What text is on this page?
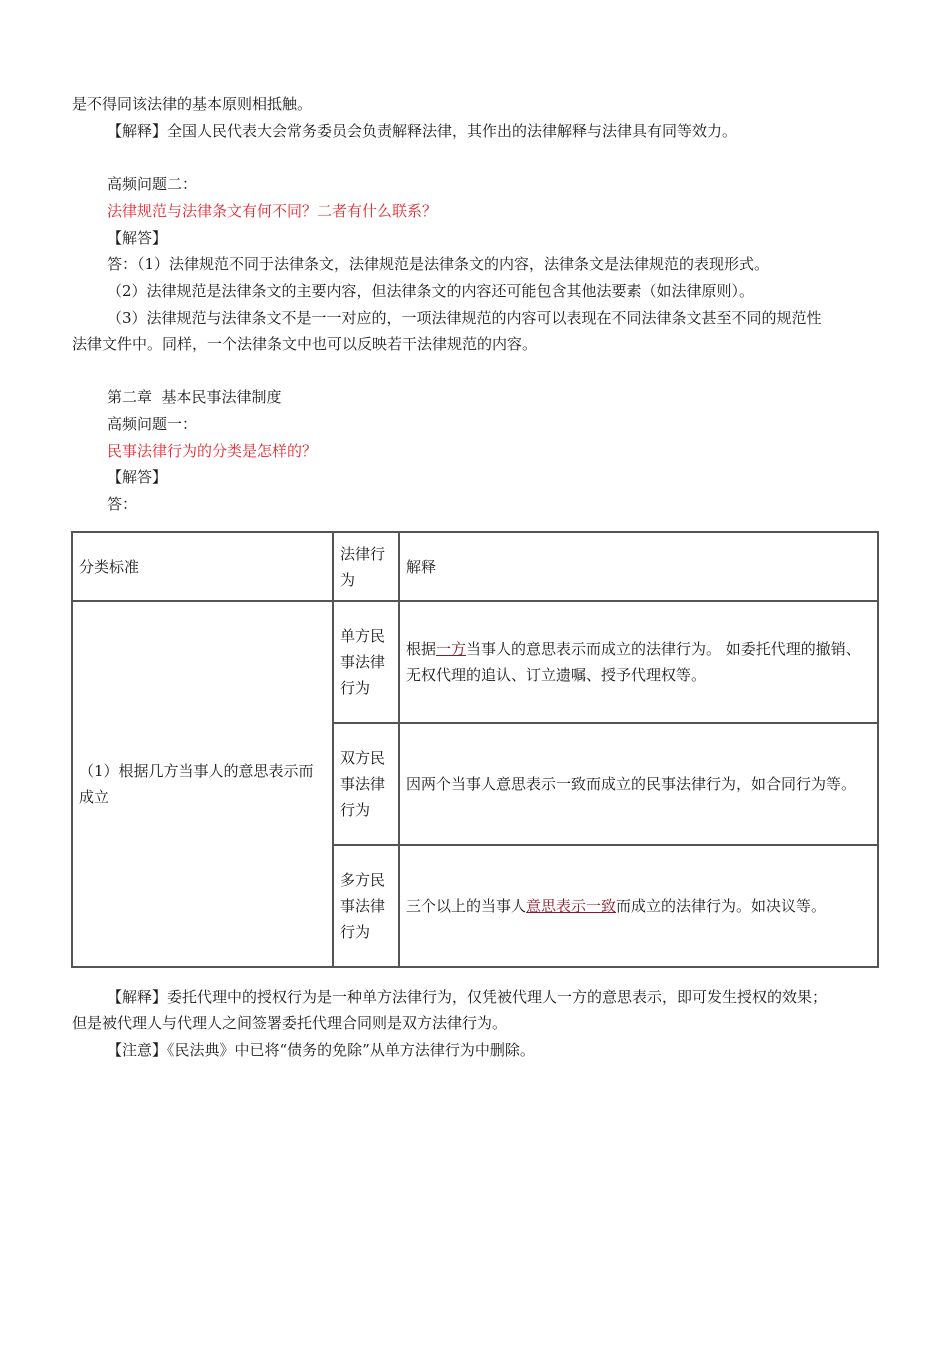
是不得同该法律的基本原则相抵触。
【解释】全国人民代表大会常务委员会负责解释法律，其作出的法律解释与法律具有同等效力。
高频问题二：
法律规范与法律条文有何不同？二者有什么联系？
【解答】
答：（1）法律规范不同于法律条文，法律规范是法律条文的内容，法律条文是法律规范的表现形式。
（2）法律规范是法律条文的主要内容，但法律条文的内容还可能包含其他法要素（如法律原则）。
（3）法律规范与法律条文不是一一对应的，一项法律规范的内容可以表现在不同法律条文甚至不同的规范性
法律文件中。同样，一个法律条文中也可以反映若干法律规范的内容。
第二章  基本民事法律制度
高频问题一：
民事法律行为的分类是怎样的？
【解答】
答：
分类标准	法律行为	解释
（1）根据几方当事人的意思表示而成立	单方民事法律行为	根据一方当事人的意思表示而成立的法律行为。 如委托代理的撤销、无权代理的追认、订立遗嘱、授予代理权等。
	双方民事法律行为	因两个当事人意思表示一致而成立的民事法律行为，如合同行为等。
	多方民事法律行为	三个以上的当事人意思表示一致而成立的法律行为。如决议等。
【解释】委托代理中的授权行为是一种单方法律行为，仅凭被代理人一方的意思表示，即可发生授权的效果；
但是被代理人与代理人之间签署委托代理合同则是双方法律行为。
【注意】《民法典》中已将“债务的免除”从单方法律行为中删除。
